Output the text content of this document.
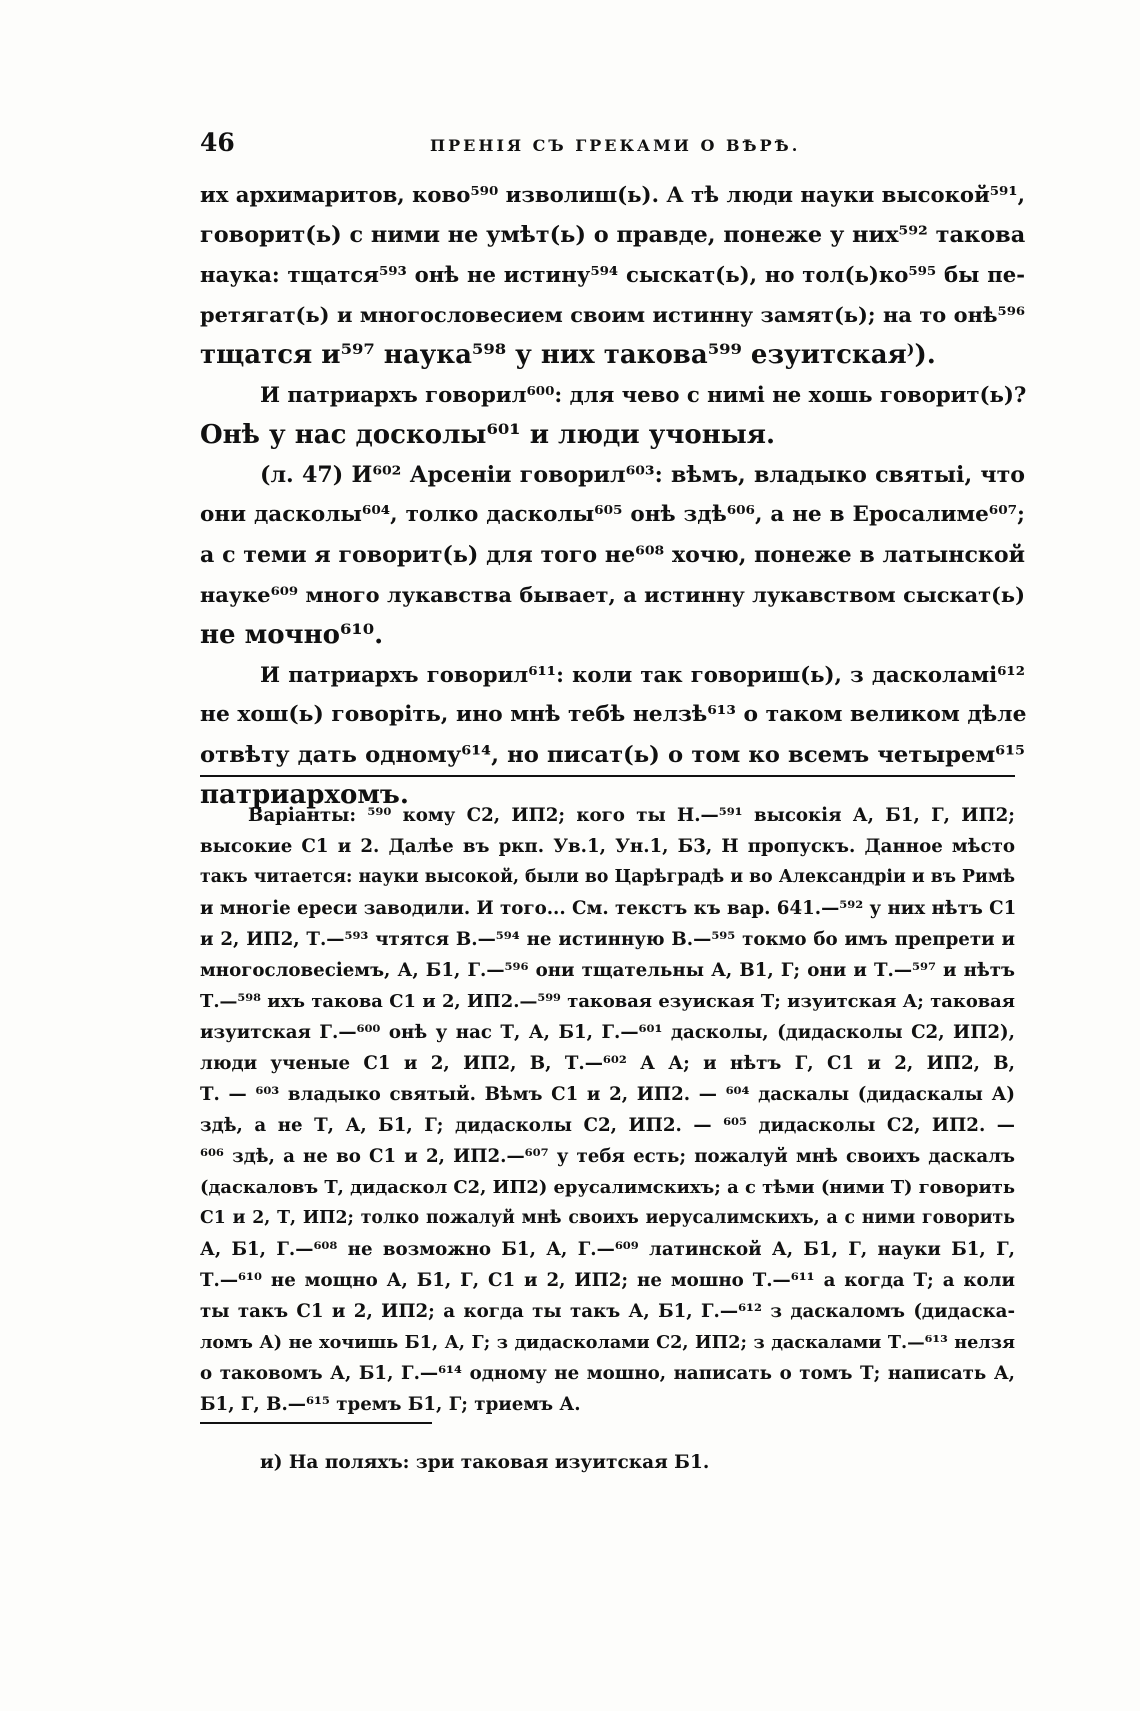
46	ПРЕНІЯ СЪ ГРЕКАМИ О ВѢРѢ.
их архимаритов, ково⁵⁹⁰ изволиш(ь). А тѣ люди науки высокой⁵⁹¹,
говорит(ь) с ними не умѣт(ь) о правде, понеже у них⁵⁹² такова
наука: тщатся⁵⁹³ онѣ не истину⁵⁹⁴ сыскат(ь), но тол(ь)ко⁵⁹⁵ бы пе-
ретягат(ь) и многословесием своим истинну замят(ь); на то онѣ⁵⁹⁶
тщатся и⁵⁹⁷ наука⁵⁹⁸ у них такова⁵⁹⁹ езуитская⁾).
И патриархъ говорил⁶⁰⁰: для чево с нимі не хошь говорит(ь)?
Онѣ у нас досколы⁶⁰¹ и люди учоныя.
(л. 47) И⁶⁰² Арсеніи говорил⁶⁰³: вѣмъ, владыко святыі, что
они дасколы⁶⁰⁴, толко дасколы⁶⁰⁵ онѣ здѣ⁶⁰⁶, а не в Еросалиме⁶⁰⁷;
а с теми я говорит(ь) для того не⁶⁰⁸ хочю, понеже в латынской
науке⁶⁰⁹ много лукавства бывает, а истинну лукавством сыскат(ь)
не мочно⁶¹⁰.
И патриархъ говорил⁶¹¹: коли так говориш(ь), з дасколамі⁶¹²
не хош(ь) говоріть, ино мнѣ тебѣ нелзѣ⁶¹³ о таком великом дѣле
отвѣту дать одному⁶¹⁴, но писат(ь) о том ко всемъ четырем⁶¹⁵
патриархомъ.
Варіанты: ⁵⁹⁰ кому С2, ИП2; кого ты Н.—⁵⁹¹ высокія А, Б1, Г, ИП2;
высокие С1 и 2. Далѣе въ ркп. Ув.1, Ун.1, Б3, Н пропускъ. Данное мѣсто
такъ читается: науки высокой, были во Царѣградѣ и во Александріи и въ Римѣ
и многіе ереси заводили. И того... См. текстъ къ вар. 641.—⁵⁹² у них нѣтъ С1
и 2, ИП2, Т.—⁵⁹³ чтятся В.—⁵⁹⁴ не истинную В.—⁵⁹⁵ токмо бо имъ препрети и
многословесіемъ, А, Б1, Г.—⁵⁹⁶ они тщательны А, В1, Г; они и Т.—⁵⁹⁷ и нѣтъ
Т.—⁵⁹⁸ ихъ такова С1 и 2, ИП2.—⁵⁹⁹ таковая езуиская Т; изуитская А; таковая
изуитская Г.—⁶⁰⁰ онѣ у нас Т, А, Б1, Г.—⁶⁰¹ дасколы, (дидасколы С2, ИП2),
люди ученые С1 и 2, ИП2, В, Т.—⁶⁰² А А; и нѣтъ Г, С1 и 2, ИП2, В,
Т. — ⁶⁰³ владыко святый. Вѣмъ С1 и 2, ИП2. — ⁶⁰⁴ даскалы (дидаскалы А)
здѣ, а не Т, А, Б1, Г; дидасколы С2, ИП2. — ⁶⁰⁵ дидасколы С2, ИП2. —
⁶⁰⁶ здѣ, а не во С1 и 2, ИП2.—⁶⁰⁷ у тебя есть; пожалуй мнѣ своихъ даскалъ
(даскаловъ Т, дидаскол С2, ИП2) ерусалимскихъ; а с тѣми (ними Т) говорить
С1 и 2, Т, ИП2; толко пожалуй мнѣ своихъ иерусалимскихъ, а с ними говорить
А, Б1, Г.—⁶⁰⁸ не возможно Б1, А, Г.—⁶⁰⁹ латинской А, Б1, Г, науки Б1, Г,
Т.—⁶¹⁰ не мощно А, Б1, Г, С1 и 2, ИП2; не мошно Т.—⁶¹¹ а когда Т; а коли
ты такъ С1 и 2, ИП2; а когда ты такъ А, Б1, Г.—⁶¹² з даскаломъ (дидаска-
ломъ А) не хочишь Б1, А, Г; з дидасколами С2, ИП2; з даскалами Т.—⁶¹³ нелзя
о таковомъ А, Б1, Г.—⁶¹⁴ одному не мошно, написать о томъ Т; написать А,
Б1, Г, В.—⁶¹⁵ тремъ Б1, Г; триемъ А.
и) На поляхъ: зри таковая изуитская Б1.
